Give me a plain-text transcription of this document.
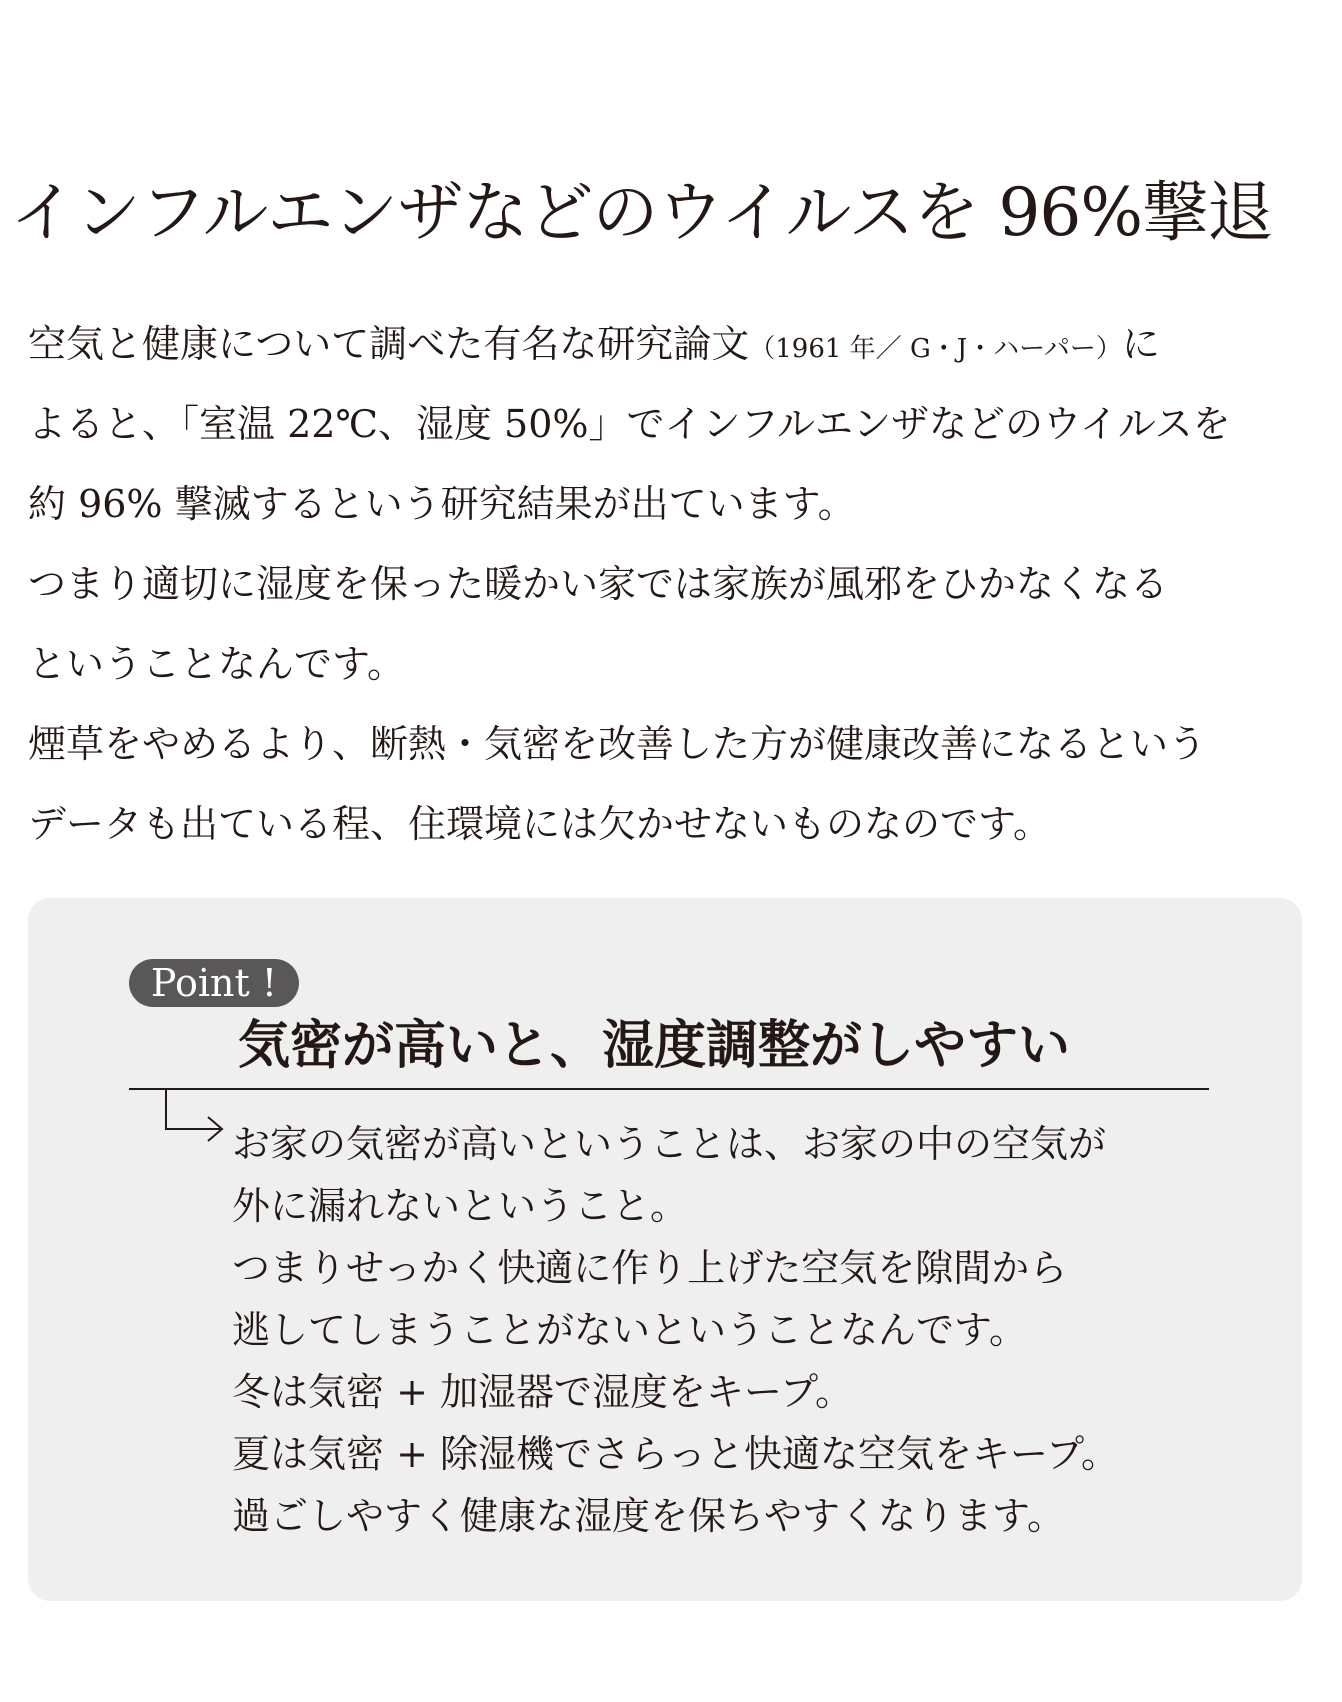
インフルエンザなどのウイルスを 96%撃退
空気と健康について調べた有名な研究論文（1961 年／ G・J・ハーパー）に
よると、「室温 22℃、湿度 50%」でインフルエンザなどのウイルスを
約 96% 撃滅するという研究結果が出ています。
つまり適切に湿度を保った暖かい家では家族が風邪をひかなくなる
ということなんです。
煙草をやめるより、断熱・気密を改善した方が健康改善になるという
データも出ている程、住環境には欠かせないものなのです。
Point !
気密が高いと、湿度調整がしやすい
お家の気密が高いということは、お家の中の空気が
外に漏れないということ。
つまりせっかく快適に作り上げた空気を隙間から
逃してしまうことがないということなんです。
冬は気密 + 加湿器で湿度をキープ。
夏は気密 + 除湿機でさらっと快適な空気をキープ。
過ごしやすく健康な湿度を保ちやすくなります。
